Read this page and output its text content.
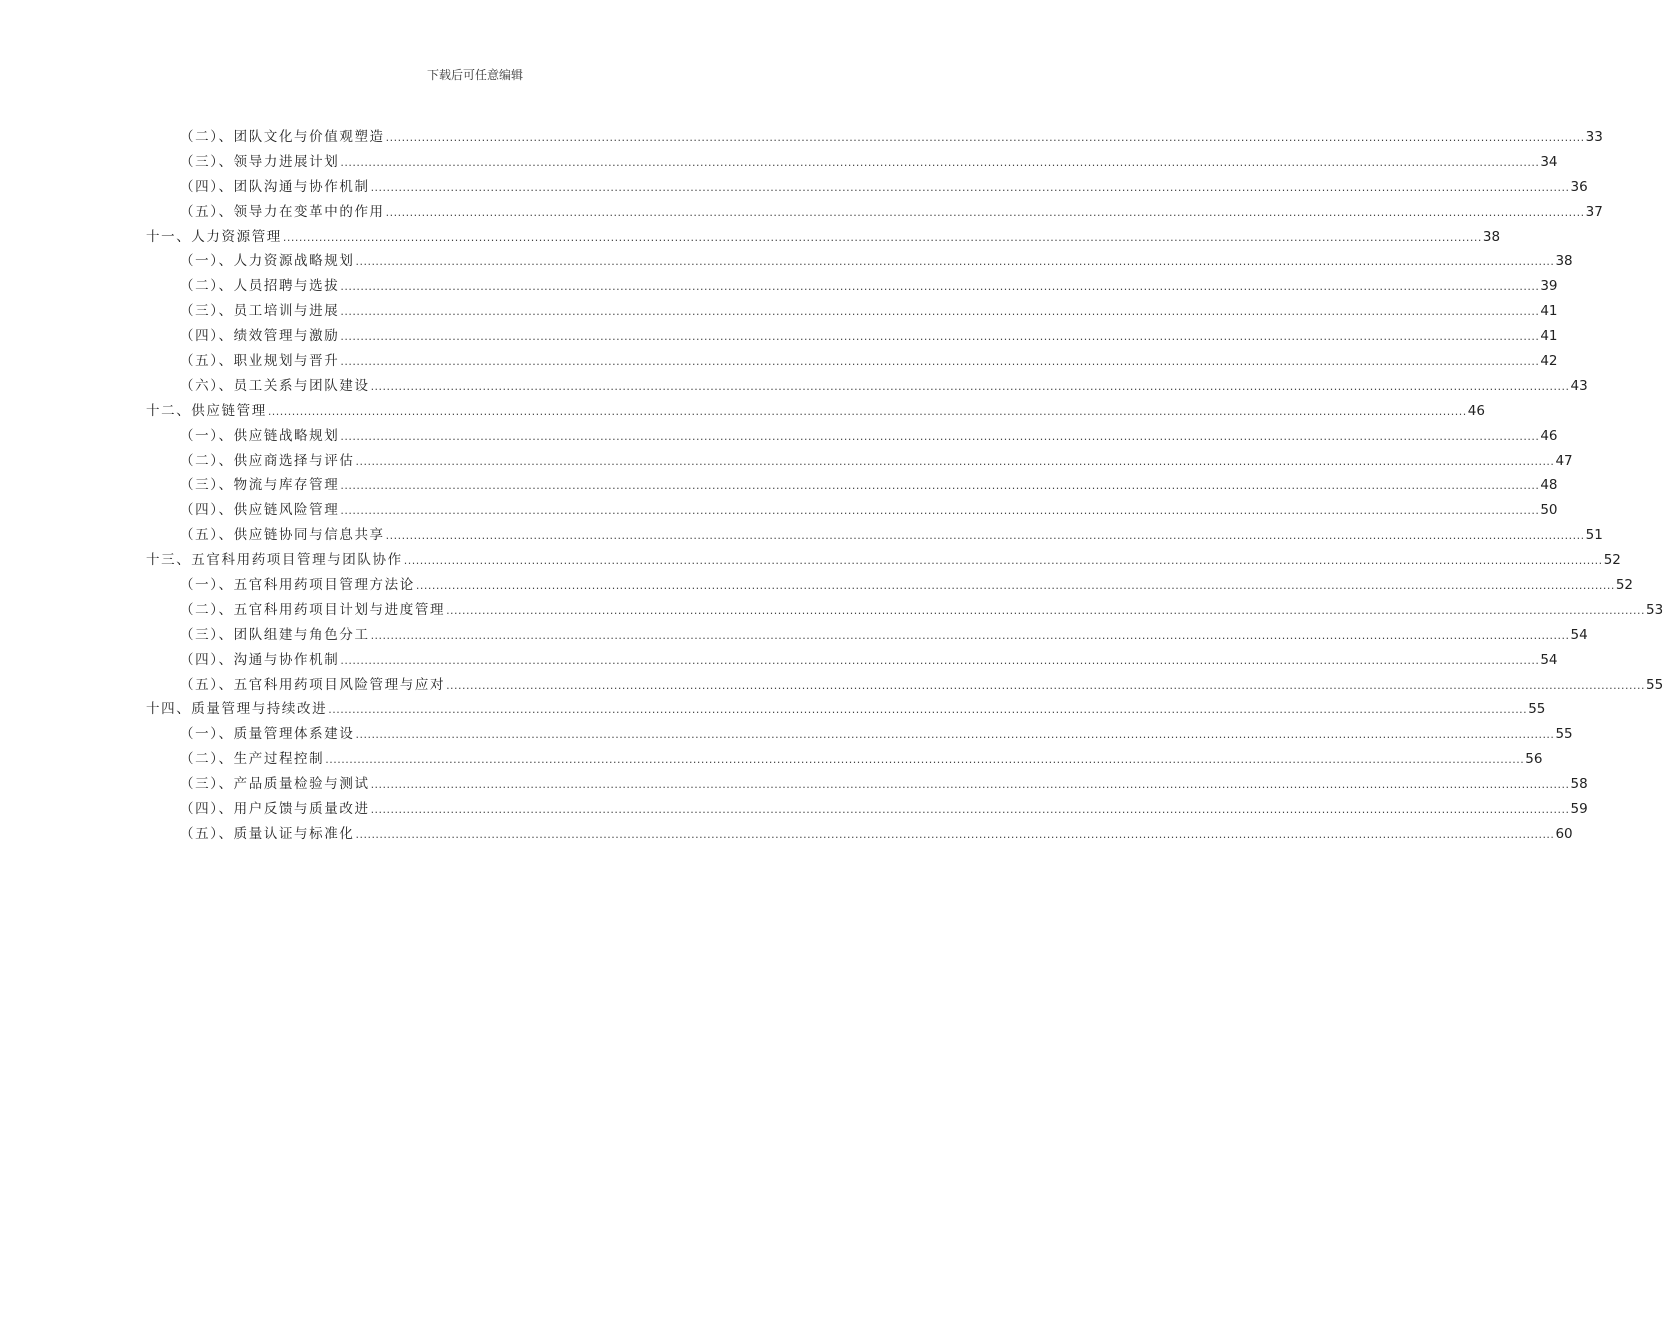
下载后可任意编辑
（二）、团队文化与价值观塑造 ............................................................................................................................................................................................................................................................................................................ 33
（三）、领导力进展计划 ............................................................................................................................................................................................................................................................................................................ 34
（四）、团队沟通与协作机制 ............................................................................................................................................................................................................................................................................................................ 36
（五）、领导力在变革中的作用 ............................................................................................................................................................................................................................................................................................................ 37
十一、人力资源管理 ............................................................................................................................................................................................................................................................................................................ 38
（一）、人力资源战略规划 ............................................................................................................................................................................................................................................................................................................ 38
（二）、人员招聘与选拔 ............................................................................................................................................................................................................................................................................................................ 39
（三）、员工培训与进展 ............................................................................................................................................................................................................................................................................................................ 41
（四）、绩效管理与激励 ............................................................................................................................................................................................................................................................................................................ 41
（五）、职业规划与晋升 ............................................................................................................................................................................................................................................................................................................ 42
（六）、员工关系与团队建设 ............................................................................................................................................................................................................................................................................................................ 43
十二、供应链管理 ............................................................................................................................................................................................................................................................................................................ 46
（一）、供应链战略规划 ............................................................................................................................................................................................................................................................................................................ 46
（二）、供应商选择与评估 ............................................................................................................................................................................................................................................................................................................ 47
（三）、物流与库存管理 ............................................................................................................................................................................................................................................................................................................ 48
（四）、供应链风险管理 ............................................................................................................................................................................................................................................................................................................ 50
（五）、供应链协同与信息共享 ............................................................................................................................................................................................................................................................................................................ 51
十三、五官科用药项目管理与团队协作 ............................................................................................................................................................................................................................................................................................................ 52
（一）、五官科用药项目管理方法论 ............................................................................................................................................................................................................................................................................................................ 52
（二）、五官科用药项目计划与进度管理 ............................................................................................................................................................................................................................................................................................................ 53
（三）、团队组建与角色分工 ............................................................................................................................................................................................................................................................................................................ 54
（四）、沟通与协作机制 ............................................................................................................................................................................................................................................................................................................ 54
（五）、五官科用药项目风险管理与应对 ............................................................................................................................................................................................................................................................................................................ 55
十四、质量管理与持续改进 ............................................................................................................................................................................................................................................................................................................ 55
（一）、质量管理体系建设 ............................................................................................................................................................................................................................................................................................................ 55
（二）、生产过程控制 ............................................................................................................................................................................................................................................................................................................ 56
（三）、产品质量检验与测试 ............................................................................................................................................................................................................................................................................................................ 58
（四）、用户反馈与质量改进 ............................................................................................................................................................................................................................................................................................................ 59
（五）、质量认证与标准化 ............................................................................................................................................................................................................................................................................................................ 60
